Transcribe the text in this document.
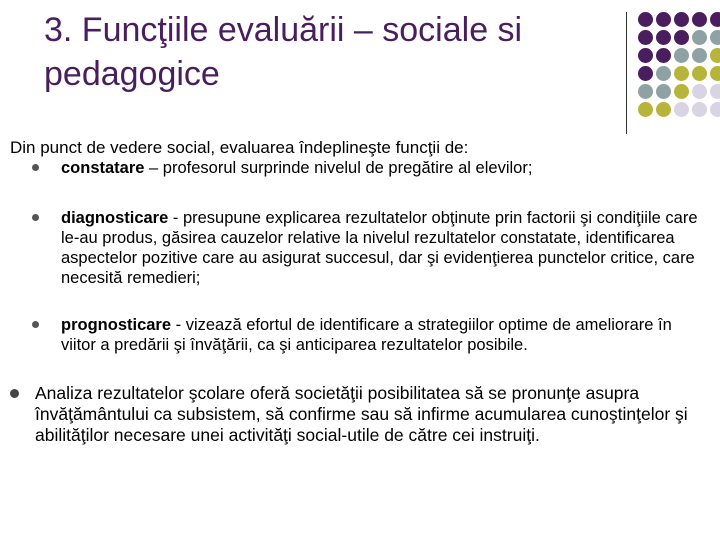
3. Funcţiile evaluării – sociale si pedagogice

Din punct de vedere social, evaluarea îndeplineşte funcţii de:

constatare – profesorul surprinde nivelul de pregătire al elevilor;
diagnosticare - presupune explicarea rezultatelor obţinute prin factorii şi condiţiile care le-au produs, găsirea cauzelor relative la nivelul rezultatelor constatate, identificarea aspectelor pozitive care au asigurat succesul, dar şi evidenţierea punctelor critice, care necesită remedieri;
prognosticare - vizează efortul de identificare a strategiilor optime de ameliorare în viitor a predării şi învăţării, ca şi anticiparea rezultatelor posibile.

Analiza rezultatelor şcolare oferă societăţii posibilitatea să se pronunţe asupra învăţământului ca subsistem, să confirme sau să infirme acumularea cunoştinţelor şi abilităţilor necesare unei activităţi social-utile de către cei instruiţi.
